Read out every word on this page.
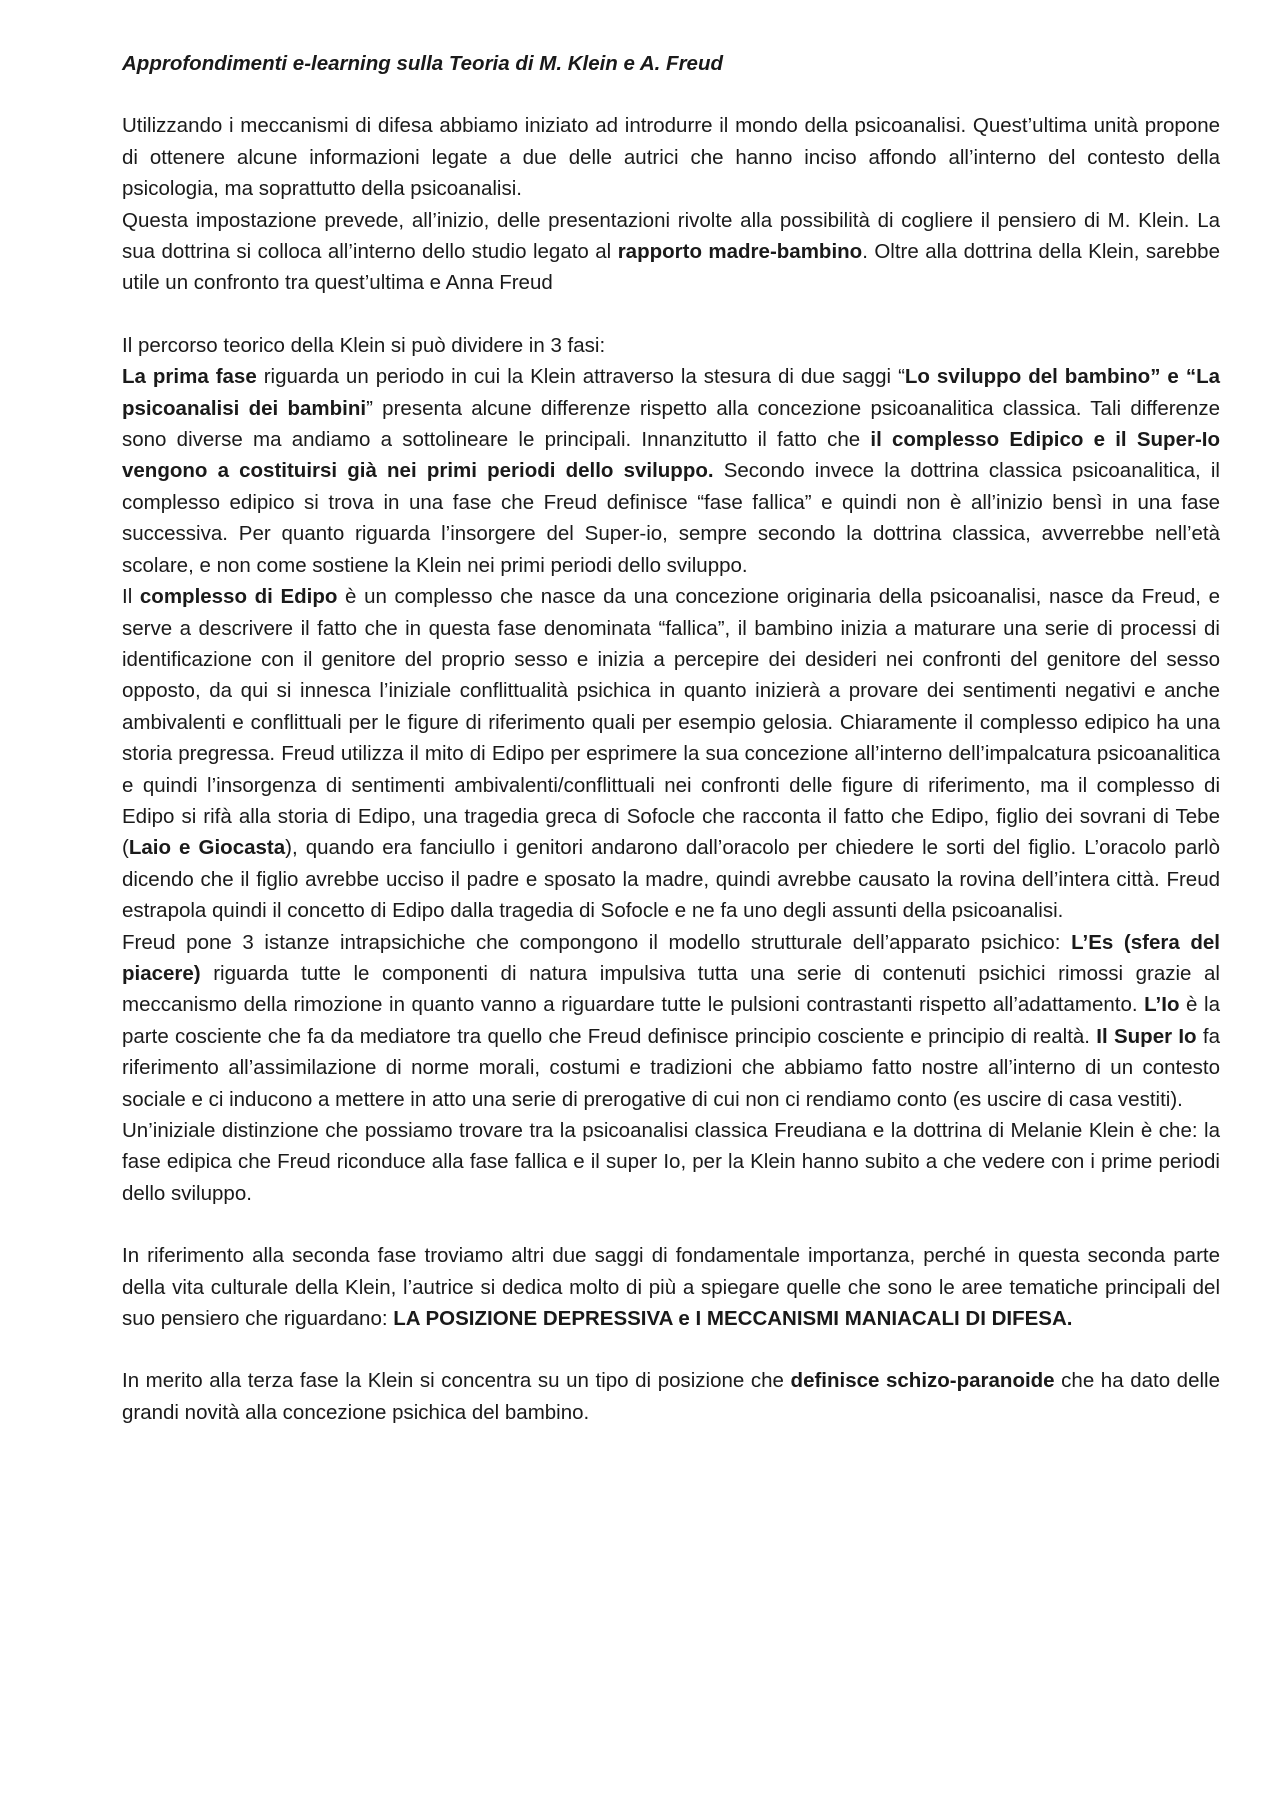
Approfondimenti e-learning sulla Teoria di M. Klein e A. Freud

Utilizzando i meccanismi di difesa abbiamo iniziato ad introdurre il mondo della psicoanalisi. Quest’ultima unità propone di ottenere alcune informazioni legate a due delle autrici che hanno inciso affondo all’interno del contesto della psicologia, ma soprattutto della psicoanalisi.

Questa impostazione prevede, all’inizio, delle presentazioni rivolte alla possibilità di cogliere il pensiero di M. Klein. La sua dottrina si colloca all’interno dello studio legato al rapporto madre-bambino. Oltre alla dottrina della Klein, sarebbe utile un confronto tra quest’ultima e Anna Freud

Il percorso teorico della Klein si può dividere in 3 fasi:

La prima fase riguarda un periodo in cui la Klein attraverso la stesura di due saggi “Lo sviluppo del bambino” e “La psicoanalisi dei bambini” presenta alcune differenze rispetto alla concezione psicoanalitica classica. Tali differenze sono diverse ma andiamo a sottolineare le principali. Innanzitutto il fatto che il complesso Edipico e il Super-Io vengono a costituirsi già nei primi periodi dello sviluppo. Secondo invece la dottrina classica psicoanalitica, il complesso edipico si trova in una fase che Freud definisce “fase fallica” e quindi non è all’inizio bensì in una fase successiva. Per quanto riguarda l’insorgere del Super-io, sempre secondo la dottrina classica, avverrebbe nell’età scolare, e non come sostiene la Klein nei primi periodi dello sviluppo.

Il complesso di Edipo è un complesso che nasce da una concezione originaria della psicoanalisi, nasce da Freud, e serve a descrivere il fatto che in questa fase denominata “fallica”, il bambino inizia a maturare una serie di processi di identificazione con il genitore del proprio sesso e inizia a percepire dei desideri nei confronti del genitore del sesso opposto, da qui si innesca l’iniziale conflittualità psichica in quanto inizierà a provare dei sentimenti negativi e anche ambivalenti e conflittuali per le figure di riferimento quali per esempio gelosia. Chiaramente il complesso edipico ha una storia pregressa. Freud utilizza il mito di Edipo per esprimere la sua concezione all’interno dell’impalcatura psicoanalitica e quindi l’insorgenza di sentimenti ambivalenti/conflittuali nei confronti delle figure di riferimento, ma il complesso di Edipo si rifà alla storia di Edipo, una tragedia greca di Sofocle che racconta il fatto che Edipo, figlio dei sovrani di Tebe (Laio e Giocasta), quando era fanciullo i genitori andarono dall’oracolo per chiedere le sorti del figlio. L’oracolo parlò dicendo che il figlio avrebbe ucciso il padre e sposato la madre, quindi avrebbe causato la rovina dell’intera città. Freud estrapola quindi il concetto di Edipo dalla tragedia di Sofocle e ne fa uno degli assunti della psicoanalisi.

Freud pone 3 istanze intrapsichiche che compongono il modello strutturale dell’apparato psichico: L’Es (sfera del piacere) riguarda tutte le componenti di natura impulsiva tutta una serie di contenuti psichici rimossi grazie al meccanismo della rimozione in quanto vanno a riguardare tutte le pulsioni contrastanti rispetto all’adattamento. L’Io è la parte cosciente che fa da mediatore tra quello che Freud definisce principio cosciente e principio di realtà. Il Super Io fa riferimento all’assimilazione di norme morali, costumi e tradizioni che abbiamo fatto nostre all’interno di un contesto sociale e ci inducono a mettere in atto una serie di prerogative di cui non ci rendiamo conto (es uscire di casa vestiti).

Un’iniziale distinzione che possiamo trovare tra la psicoanalisi classica Freudiana e la dottrina di Melanie Klein è che: la fase edipica che Freud riconduce alla fase fallica e il super Io, per la Klein hanno subito a che vedere con i prime periodi dello sviluppo.

In riferimento alla seconda fase troviamo altri due saggi di fondamentale importanza, perché in questa seconda parte della vita culturale della Klein, l’autrice si dedica molto di più a spiegare quelle che sono le aree tematiche principali del suo pensiero che riguardano: LA POSIZIONE DEPRESSIVA e I MECCANISMI MANIACALI DI DIFESA.

In merito alla terza fase la Klein si concentra su un tipo di posizione che definisce schizo-paranoide che ha dato delle grandi novità alla concezione psichica del bambino.
